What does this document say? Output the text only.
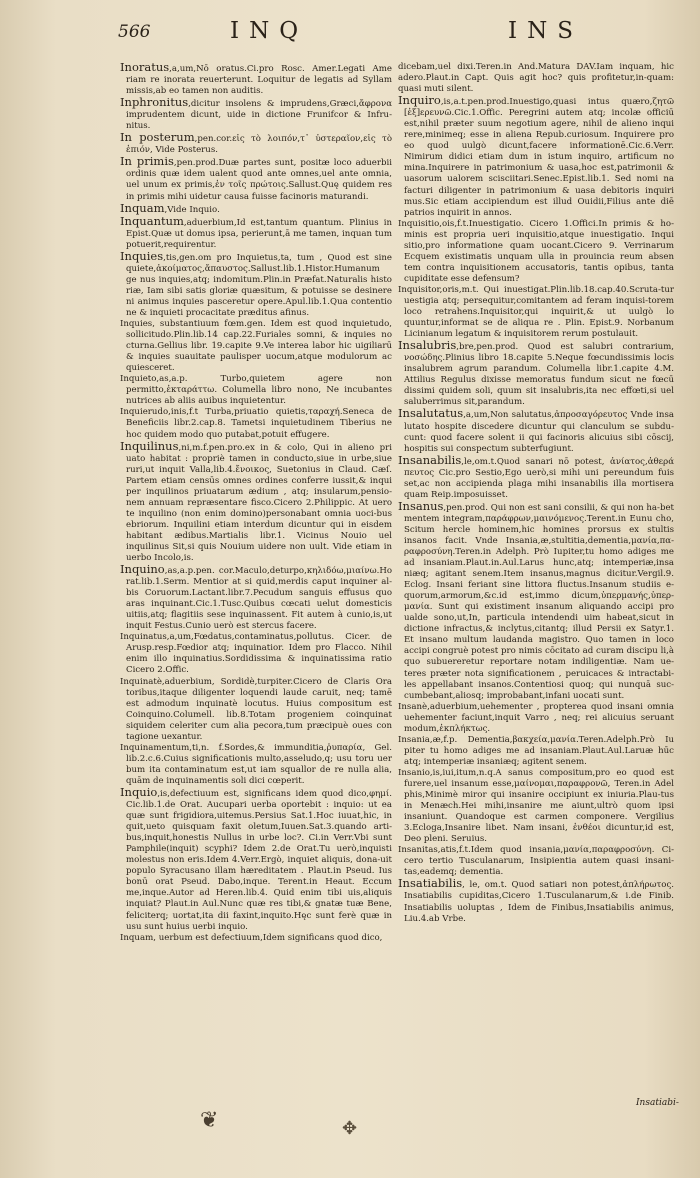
566	INQ	INS

Inoratus,a,um,Nō oratus.Ci.pro Rosc. Amer.Legati Ame riam re inorata reuerterunt. Loquitur de legatis ad Syllam missis,ab eo tamen non auditis.

Inphronitus,dicitur insolens & imprudens,Græci,ἄφρονα imprudentem dicunt, uide in dictione Frunifcor & Infru-nitus.

In posterum,pen.cor.εἰς τὸ λοιπόν,τ᾽ ὑστεραῖον,εἰς τὸ ἐπιόν, Vide Posterus.

In primis,pen.prod.Duæ partes sunt, positæ loco aduerbii ordinis quæ idem ualent quod ante omnes,uel ante omnia, uel unum ex primis,ἐν τοῖς πρώτοις.Sallust.Quę quidem res in primis mihi uidetur causa fuisse facinoris maturandi.

Inquam,Vide Inquio.

Inquantum,aduerbium,Id est,tantum quantum. Plinius in Epist.Quæ ut domus ipsa, perierunt,ā me tamen, inquan tum potuerit,requirentur.

Inquies,tis,gen.om pro Inquietus,ta, tum , Quod est sine quiete,ἀκοίματος,ἄπαυστος.Sallust.lib.1.Histor.Humanum ge nus inquies,atq; indomitum.Plin.in Præfat.Naturalis histo riæ, Iam sibi satis gloriæ quæsitum, & potuisse se desinere ni animus inquies pasceretur opere.Apul.lib.1.Qua contentio ne & inquieti procacitate præditus afinus.

Inquies, substantiuum fœm.gen. Idem est quod inquietudo, sollicitudo.Plin.lib.14 cap.22.Furiales somni, & inquies no cturna.Gellius libr. 19.capite 9.Ve interea labor hic uigiliarū & inquies suauitate paulisper uocum,atque modulorum ac quiesceret.

Inquieto,as,a.p. Turbo,quietem agere non permitto,ἐκταράττω. Columella libro nono, Ne incubantes nutrices ab aliis auibus inquietentur.

Inquierudo,inis,f.t Turba,priuatio quietis,ταραχή.Seneca de Beneficiis libr.2.cap.8. Tametsi inquietudinem Tiberius ne hoc quidem modo quo putabat,potuit effugere.

Inquilinus,ni,m.f.pen.pro.ex in & colo, Qui in alieno pri uato habitat : propriè tamen in conducto,siue in urbe,siue ruri,ut inquit Valla,lib.4.ἔνοικος, Suetonius in Claud. Cæſ. Partem etiam censūs omnes ordines conferre iussit,& inqui per inquilinos priuatarum ædium , atq; insularum,pensio-nem annuam repræsentare fisco.Cicero 2.Philippic. At uero te inquilino (non enim domino)personabant omnia uoci-bus ebriorum. Inquilini etiam interdum dicuntur qui in eisdem habitant ædibus.Martialis libr.1. Vicinus Nouio uel inquilinus Sit,si quis Nouium uidere non uult. Vide etiam in uerbo Incolo,is.

Inquino,as,a.p.pen. cor.Maculo,deturpo,κηλιδόω,μιαίνω.Ho rat.lib.1.Serm. Mentior at si quid,merdis caput inquiner al-bis Coruorum.Lactant.libr.7.Pecudum sanguis effusus quo aras inquinant.Cic.1.Tusc.Quibus cœcati uelut domesticis uitiis,atq; flagitiis sese inquinassent. Fit autem à cunio,is,ut inquit Festus.Cunio uerò est stercus facere.

Inquinatus,a,um,Fœdatus,contaminatus,pollutus. Cicer. de Arusp.resp.Fœdior atq; inquinatior. Idem pro Flacco. Nihil enim illo inquinatius.Sordidissima & inquinatissima ratio Cicero 2.Offic.

Inquinatè,aduerbium, Sordidè,turpiter.Cicero de Claris Ora toribus,itaque diligenter loquendi laude caruit, neq; tamē est admodum inquinatè locutus. Huius compositum est Coinquino.Columell. lib.8.Totam progeniem coinquinat siquidem celeriter cum alia pecora,tum præcipuè oues con tagione uexantur.

Inquinamentum,ti,n. f.Sordes,& immunditia,ῥυπαρία, Gel. lib.2.c.6.Cuius significationis multo,asseludo,q; usu toru uer bum ita contaminatum est,ut iam squallor de re nulla alia, quām de inquinamentis soli dici cœperit.

Inquio,is,defectiuum est, significans idem quod dico,φημί. Cic.lib.1.de Orat. Aucupari uerba oportebit : inquio: ut ea quæ sunt frigidiora,uitemus.Persius Sat.1.Hoc iuuat,hic, in quit,ueto quisquam faxit oletum,Iuuen.Sat.3.quando arti-bus,inquit,honestis Nullus in urbe loc?. Ci.in Verr.Vbi sunt Pamphile(inquit) scyphi? Idem 2.de Orat.Tu uerò,inquisti molestus non eris.Idem 4.Verr.Ergò, inquiet aliquis, dona-uit populo Syracusano illam hæreditatem . Plaut.in Pseud. Ius bonū orat Pseud. Dabo,inque. Terent.in Heaut. Eccum me,inque.Autor ad Heren.lib.4. Quid enim tibi uis,aliquis inquiat? Plaut.in Aul.Nunc quæ res tibi,& gnatæ tuæ Bene, feliciterq; uortat,ita dii faxint,inquito.Hęc sunt ferè quæ in usu sunt huius uerbi inquio.

Inquam, uerbum est defectiuum,Idem significans quod dico,

dicebam,uel dixi.Teren.in And.Matura DAV.Iam inquam, hic adero.Plaut.in Capt. Quis agit hoc? quis profitetur,in-quam: quasi muti silent.

Inquiro,is,a.t.pen.prod.Inuestigo,quasi intus quæro,ζητῶ [ἐξ]ερευνῶ.Cic.1.Offic. Peregrini autem atq; incolæ officiū est,nihil præter suum negotium agere, nihil de alieno inqui rere,minimeq; esse in aliena Repub.curiosum. Inquirere pro eo quod uulgò dicunt,facere informationē.Cic.6.Verr. Nimirum didici etiam dum in istum inquiro, artificum no mina.Inquirere in patrimonium & uasa,hoc est,patrimonii & uasorum ualorem scisciitari.Senec.Epist.lib.1. Sed nomi na facturi diligenter in patrimonium & uasa debitoris inquiri mus.Sic etiam accipiendum est illud Ouidii,Filius ante diē patrios inquirit in annos.

Inquisitio,ois,f.t.Inuestigatio. Cicero 1.Offici.In primis & ho-minis est propria ueri inquisitio,atque inuestigatio. Inqui sitio,pro informatione quam uocant.Cicero 9. Verrinarum Ecquem existimatis unquam ulla in prouincia reum absen tem contra inquisitionem accusatoris, tantis opibus, tanta cupiditate esse defensum?

Inquisitor,oris,m.t. Qui inuestigat.Plin.lib.18.cap.40.Scruta-tur uestigia atq; persequitur,comitantem ad feram inquisi-torem loco retrahens.Inquisitor,qui inquirit,& ut uulgò lo quuntur,informat se de aliqua re . Plin. Epist.9. Norbanum Licinianum legatum & inquisitorem rerum postulauit.

Insalubris,bre,pen.prod. Quod est salubri contrarium, νοσώδης.Plinius libro 18.capite 5.Neque fœcundissimis locis insalubrem agrum parandum. Columella libr.1.capite 4.M. Attilius Regulus dixisse memoratus fundum sicut ne fœcū dissimi quidem soli, quum sit insalubris,ita nec effœti,si uel saluberrimus sit,parandum.

Insalutatus,a,um,Non salutatus,ἀπροσαγόρευτος Vnde insa lutato hospite discedere dicuntur qui clanculum se subdu-cunt: quod facere solent ii qui facinoris alicuius sibi cōscij, hospitis sui conspectum subterfugiunt.

Insanabilis,le,om.t.Quod sanari nō potest, ἀνίατος,ἀθερά πευτος Cic.pro Sestio,Ego uerò,si mihi uni pereundum fuis set,ac non accipienda plaga mihi insanabilis illa mortisera quam Reip.imposuisset.

Insanus,pen.prod. Qui non est sani consilii, & qui non ha-bet mentem integram,παράφρων,μαινόμενος.Terent.in Eunu cho, Scitum hercle hominem,hic homines prorsus ex stultis insanos facit. Vnde Insania,æ,stultitia,dementia,μανία,πα-ραφροσύνη.Teren.in Adelph. Prò Iupiter,tu homo adiges me ad insaniam.Plaut.in.Aul.Larus hunc,atq; intemperiæ,insa niæq; agitant senem.Item insanus,magnus dicitur.Vergil.9. Eclog. Insani feriant sine littora fluctus.Insanum studiis e-quorum,armorum,&c.id est,immo dicum,ὑπερμανής,ὑπερ-μανία. Sunt qui existiment insanum aliquando accipi pro ualde sono,ut,In, particula intendendi uim habeat,sicut in dictione infractus,& inclytus,citantq; illud Persii ex Satyr.1. Et insano multum laudanda magistro. Quo tamen in loco accipi congruè potest pro nimis cōcitato ad curam discipu li,à quo subuereretur reportare notam indiligentiæ. Nam ue-teres præter nota significationem , peruicaces & intractabi-les appellabant insanos.Contentiosi quoq; qui nunquā suc-cumbebant,aliosq; improbabant,infani uocati sunt.

Insanè,aduerbium,uehementer , propterea quod insani omnia uehementer faciunt,inquit Varro , neq; rei alicuius seruant modum,ἐκπλήκτως.

Insania,æ,f.p. Dementia,βακχεία,μανία.Teren.Adelph.Prò Iu piter tu homo adiges me ad insaniam.Plaut.Aul.Laruæ hūc atq; intemperiæ insaniæq; agitent senem.

Insanio,is,iui,itum,n.q.A sanus compositum,pro eo quod est furere,uel insanum esse,μαίνομαι,παραφρονῶ, Teren.in Adel phis,Minimè miror qui insanire occipiunt ex iniuria.Plau-tus in Menæch.Hei mihi,insanire me aiunt,ultrò quom ipsi insaniunt. Quandoque est carmen componere. Vergilius 3.Ecloga,Insanire libet. Nam insani, ἐνθέοι dicuntur,id est, Deo pleni. Seruius.

Insanitas,atis,f.t.Idem quod insania,μανία,παραφροσύνη. Ci-cero tertio Tusculanarum, Insipientia autem quasi insani-tas,eademq; dementia.

Insatiabilis, le, om.t. Quod satiari non potest,ἀπλήρωτος. Insatiabilis cupiditas,Cicero 1.Tusculanarum,& i.de Finib. Insatiabilis uoluptas , Idem de Finibus,Insatiabilis animus, Liu.4.ab Vrbe.

❦	✥
Insatiabi-
